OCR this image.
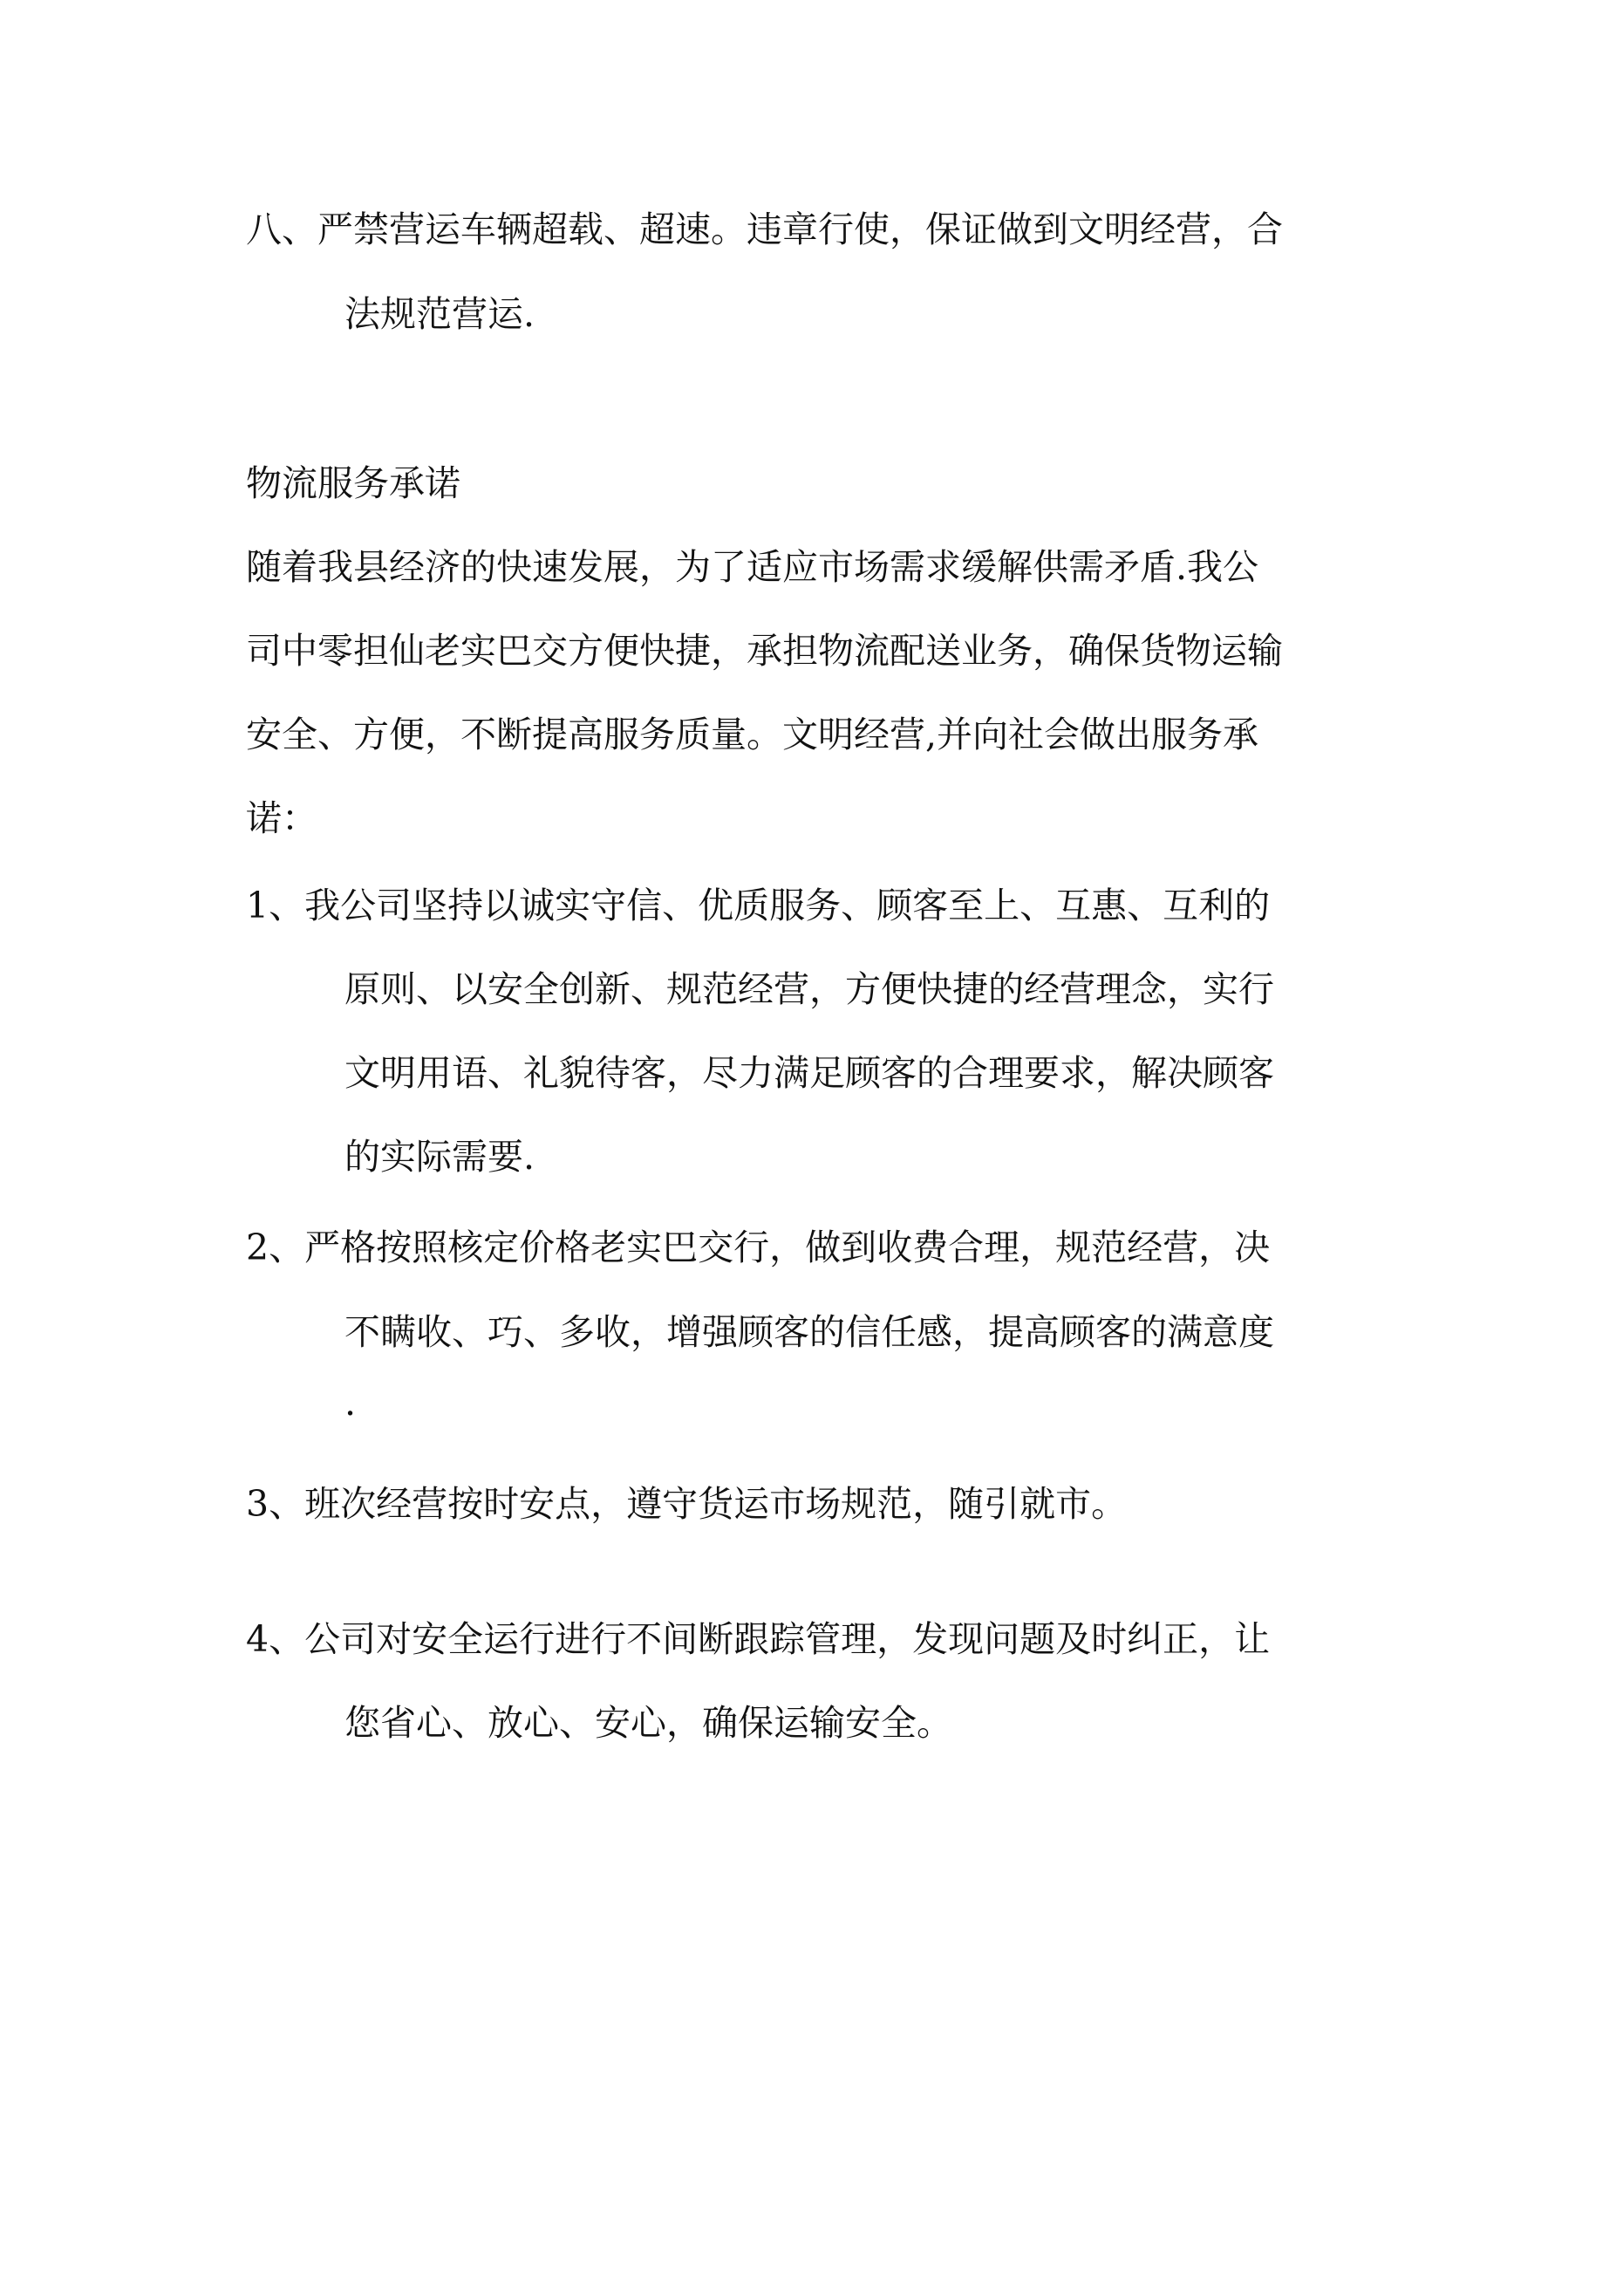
八、严禁营运车辆超载、超速。违章行使，保证做到文明经营，合
法规范营运.
物流服务承诺
随着我县经济的快速发展，为了适应市场需求缓解供需矛盾.我公
司中零担仙老实巴交方便快捷，承担物流配送业务，确保货物运输
安全、方便，不断提高服务质量。文明经营,并向社会做出服务承
诺：
1、我公司坚持以诚实守信、优质服务、顾客至上、互惠、互利的
原则、以安全创新、规范经营，方便快捷的经营理念，实行
文明用语、礼貌待客，尽力满足顾客的合理要求，解决顾客
的实际需要.
2、严格按照核定价格老实巴交行，做到收费合理，规范经营，决
不瞒收、巧、多收，增强顾客的信任感，提高顾客的满意度
.
3、班次经营按时安点，遵守货运市场规范，随引就市。
4、公司对安全运行进行不间断跟踪管理，发现问题及时纠正，让
您省心、放心、安心，确保运输安全。
